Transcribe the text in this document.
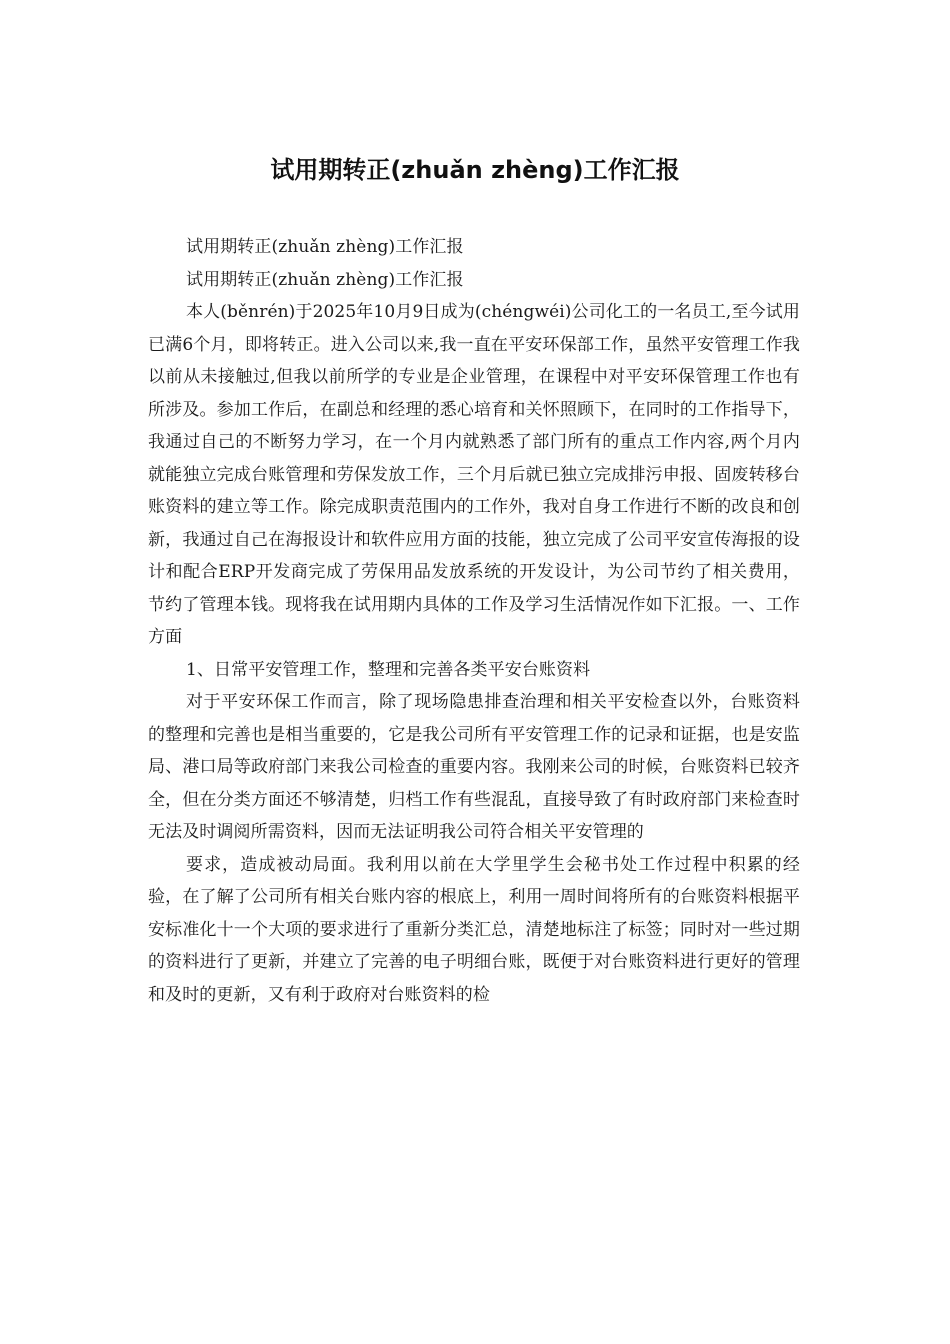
试用期转正(zhuǎn zhèng)工作汇报

试用期转正(zhuǎn zhèng)工作汇报

试用期转正(zhuǎn zhèng)工作汇报

本人(běnrén)于2025年10月9日成为(chéngwéi)公司化工的一名员工,至今试用已满6个月，即将转正。进入公司以来,我一直在平安环保部工作，虽然平安管理工作我以前从未接触过,但我以前所学的专业是企业管理，在课程中对平安环保管理工作也有所涉及。参加工作后，在副总和经理的悉心培育和关怀照顾下，在同时的工作指导下，我通过自己的不断努力学习，在一个月内就熟悉了部门所有的重点工作内容,两个月内就能独立完成台账管理和劳保发放工作，三个月后就已独立完成排污申报、固废转移台账资料的建立等工作。除完成职责范围内的工作外，我对自身工作进行不断的改良和创新，我通过自己在海报设计和软件应用方面的技能，独立完成了公司平安宣传海报的设计和配合ERP开发商完成了劳保用品发放系统的开发设计，为公司节约了相关费用，节约了管理本钱。现将我在试用期内具体的工作及学习生活情况作如下汇报。一、工作方面

1、日常平安管理工作，整理和完善各类平安台账资料

对于平安环保工作而言，除了现场隐患排查治理和相关平安检查以外，台账资料的整理和完善也是相当重要的，它是我公司所有平安管理工作的记录和证据，也是安监局、港口局等政府部门来我公司检查的重要内容。我刚来公司的时候，台账资料已较齐全，但在分类方面还不够清楚，归档工作有些混乱，直接导致了有时政府部门来检查时无法及时调阅所需资料，因而无法证明我公司符合相关平安管理的

要求，造成被动局面。我利用以前在大学里学生会秘书处工作过程中积累的经验，在了解了公司所有相关台账内容的根底上，利用一周时间将所有的台账资料根据平安标准化十一个大项的要求进行了重新分类汇总，清楚地标注了标签；同时对一些过期的资料进行了更新，并建立了完善的电子明细台账，既便于对台账资料进行更好的管理和及时的更新，又有利于政府对台账资料的检
